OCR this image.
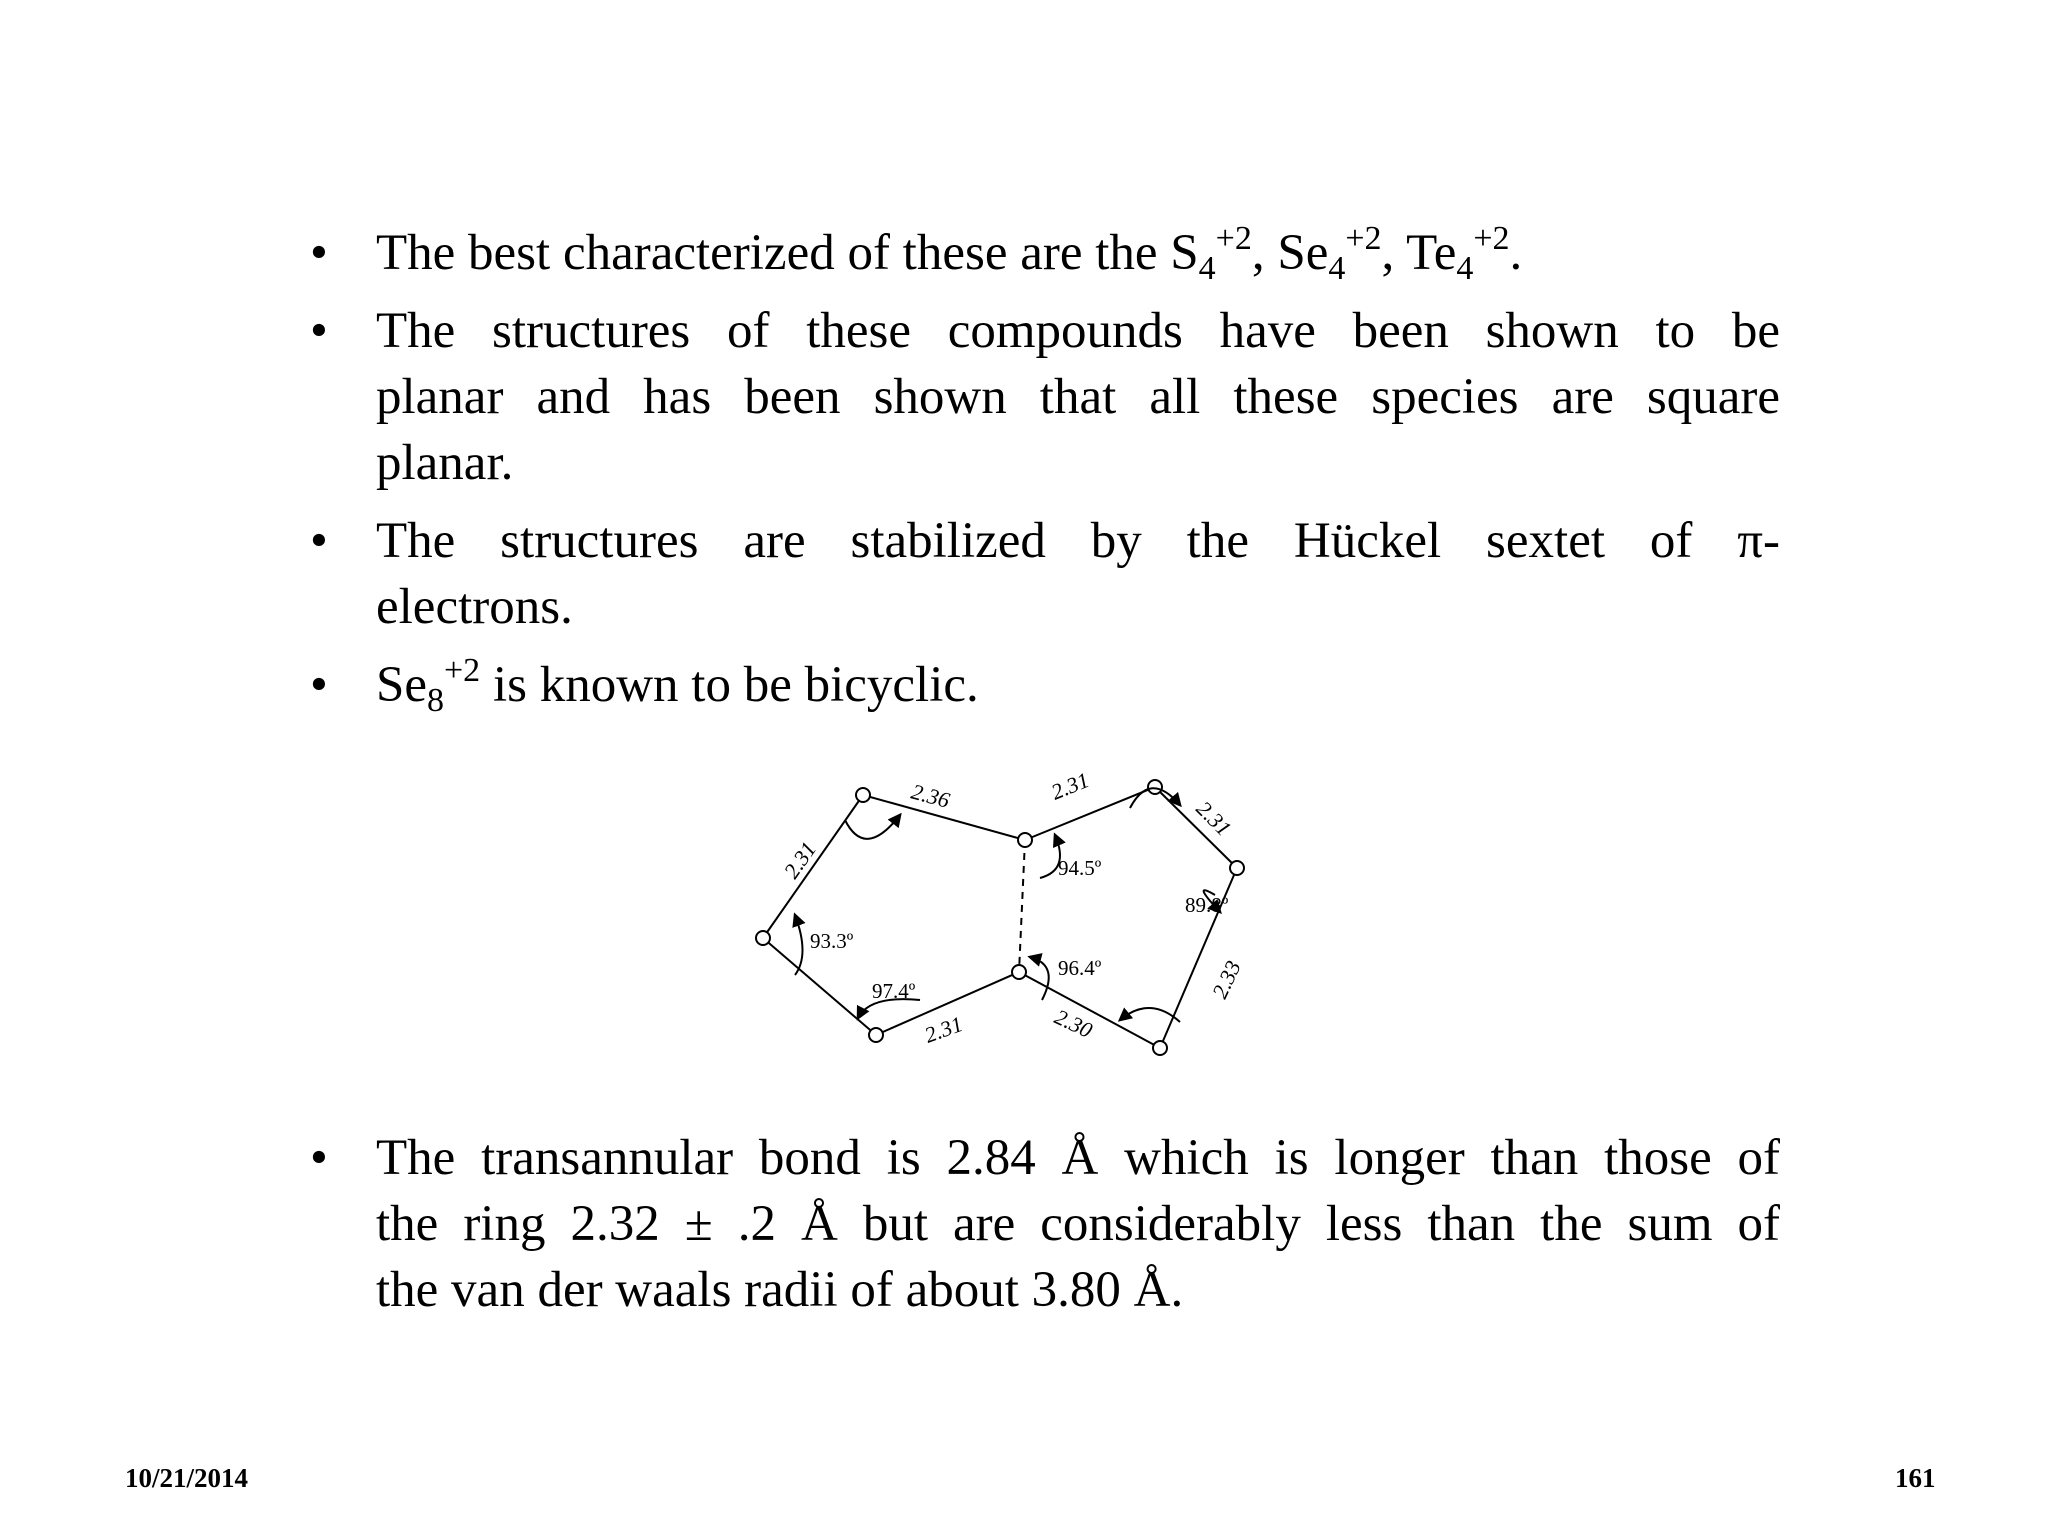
• The best characterized of these are the $S_4^{+2}$, $Se_4^{+2}$, $Te_4^{+2}$.
• The structures of these compounds have been shown to be
planar and has been shown that all these species are square
planar.
• The structures are stabilized by the Hückel sextet of π-
electrons.
• $Se_8^{+2}$ is known to be bicyclic.
2.36	2.31
2.31
2.33
2.30
2.31
2.31	94.5º
93.3º
97.4º
96.4º
89.8º
• The transannular bond is 2.84 Å which is longer than those of
the ring 2.32 ± .2 Å but are considerably less than the sum of
the van der waals radii of about 3.80 Å.
10/21/2014	161
